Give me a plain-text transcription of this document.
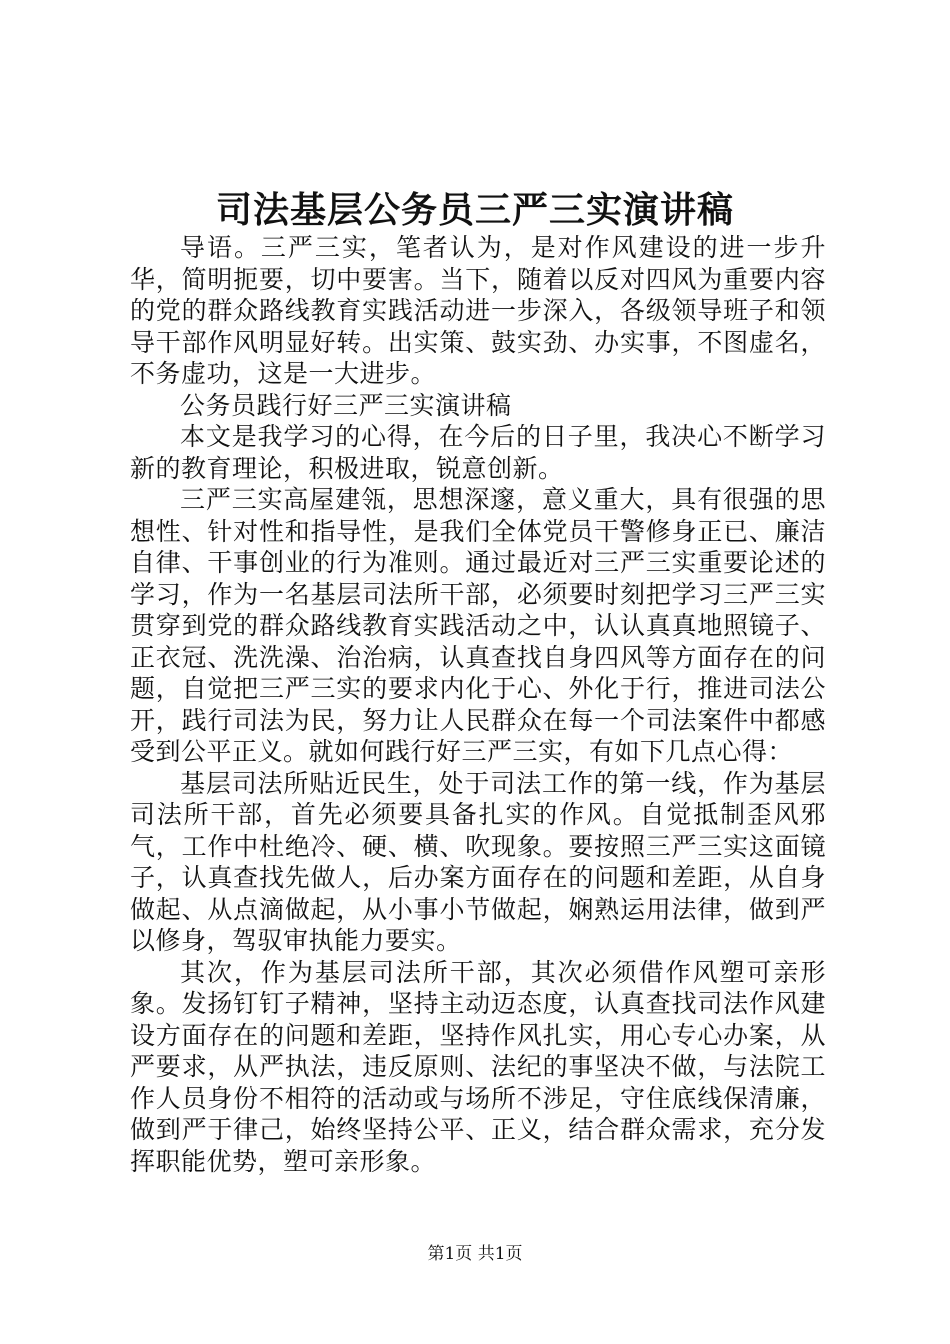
司法基层公务员三严三实演讲稿

导语。三严三实，笔者认为，是对作风建设的进一步升华，简明扼要，切中要害。当下，随着以反对四风为重要内容的党的群众路线教育实践活动进一步深入，各级领导班子和领导干部作风明显好转。出实策、鼓实劲、办实事，不图虚名，不务虚功，这是一大进步。

公务员践行好三严三实演讲稿

本文是我学习的心得，在今后的日子里，我决心不断学习新的教育理论，积极进取，锐意创新。

三严三实高屋建瓴，思想深邃，意义重大，具有很强的思想性、针对性和指导性，是我们全体党员干警修身正已、廉洁自律、干事创业的行为准则。通过最近对三严三实重要论述的学习，作为一名基层司法所干部，必须要时刻把学习三严三实贯穿到党的群众路线教育实践活动之中，认认真真地照镜子、正衣冠、洗洗澡、治治病，认真查找自身四风等方面存在的问题，自觉把三严三实的要求内化于心、外化于行，推进司法公开，践行司法为民，努力让人民群众在每一个司法案件中都感受到公平正义。就如何践行好三严三实，有如下几点心得：

基层司法所贴近民生，处于司法工作的第一线，作为基层司法所干部，首先必须要具备扎实的作风。自觉抵制歪风邪气，工作中杜绝冷、硬、横、吹现象。要按照三严三实这面镜子，认真查找先做人，后办案方面存在的问题和差距，从自身做起、从点滴做起，从小事小节做起，娴熟运用法律，做到严以修身，驾驭审执能力要实。

其次，作为基层司法所干部，其次必须借作风塑可亲形象。发扬钉钉子精神，坚持主动迈态度，认真查找司法作风建设方面存在的问题和差距，坚持作风扎实，用心专心办案，从严要求，从严执法，违反原则、法纪的事坚决不做，与法院工作人员身份不相符的活动或与场所不涉足，守住底线保清廉，做到严于律己，始终坚持公平、正义，结合群众需求，充分发挥职能优势，塑可亲形象。

第1页 共1页
